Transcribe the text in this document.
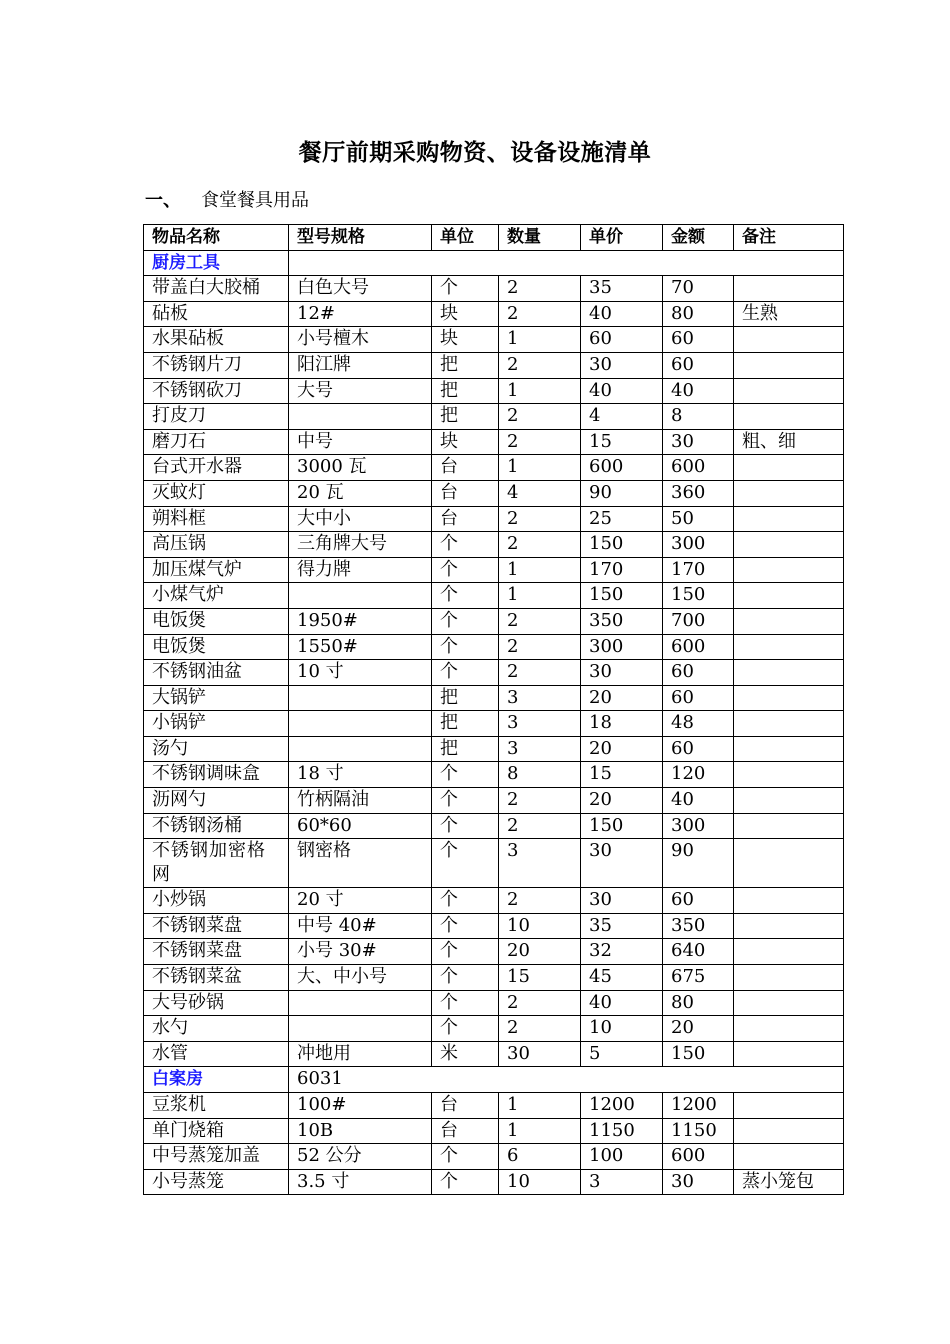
餐厅前期采购物资、设备设施清单
一、 食堂餐具用品
物品名称	型号规格	单位	数量	单价	金额	备注
厨房工具						
带盖白大胶桶	白色大号	个	2	35	70	
砧板	12#	块	2	40	80	生熟
水果砧板	小号檀木	块	1	60	60	
不锈钢片刀	阳江牌	把	2	30	60	
不锈钢砍刀	大号	把	1	40	40	
打皮刀		把	2	4	8	
磨刀石	中号	块	2	15	30	粗、细
台式开水器	3000 瓦	台	1	600	600	
灭蚊灯	20 瓦	台	4	90	360	
朔料框	大中小	台	2	25	50	
高压锅	三角牌大号	个	2	150	300	
加压煤气炉	得力牌	个	1	170	170	
小煤气炉		个	1	150	150	
电饭煲	1950#	个	2	350	700	
电饭煲	1550#	个	2	300	600	
不锈钢油盆	10 寸	个	2	30	60	
大锅铲		把	3	20	60	
小锅铲		把	3	18	48	
汤勺		把	3	20	60	
不锈钢调味盒	18 寸	个	8	15	120	
沥网勺	竹柄隔油	个	2	20	40	
不锈钢汤桶	60*60	个	2	150	300	
不锈钢加密格网	钢密格	个	3	30	90	
小炒锅	20 寸	个	2	30	60	
不锈钢菜盘	中号 40#	个	10	35	350	
不锈钢菜盘	小号 30#	个	20	32	640	
不锈钢菜盆	大、中小号	个	15	45	675	
大号砂锅		个	2	40	80	
水勺		个	2	10	20	
水管	冲地用	米	30	5	150	
白案房	6031					
豆浆机	100#	台	1	1200	1200	
单门烧箱	10B	台	1	1150	1150	
中号蒸笼加盖	52 公分	个	6	100	600	
小号蒸笼	3.5 寸	个	10	3	30	蒸小笼包
